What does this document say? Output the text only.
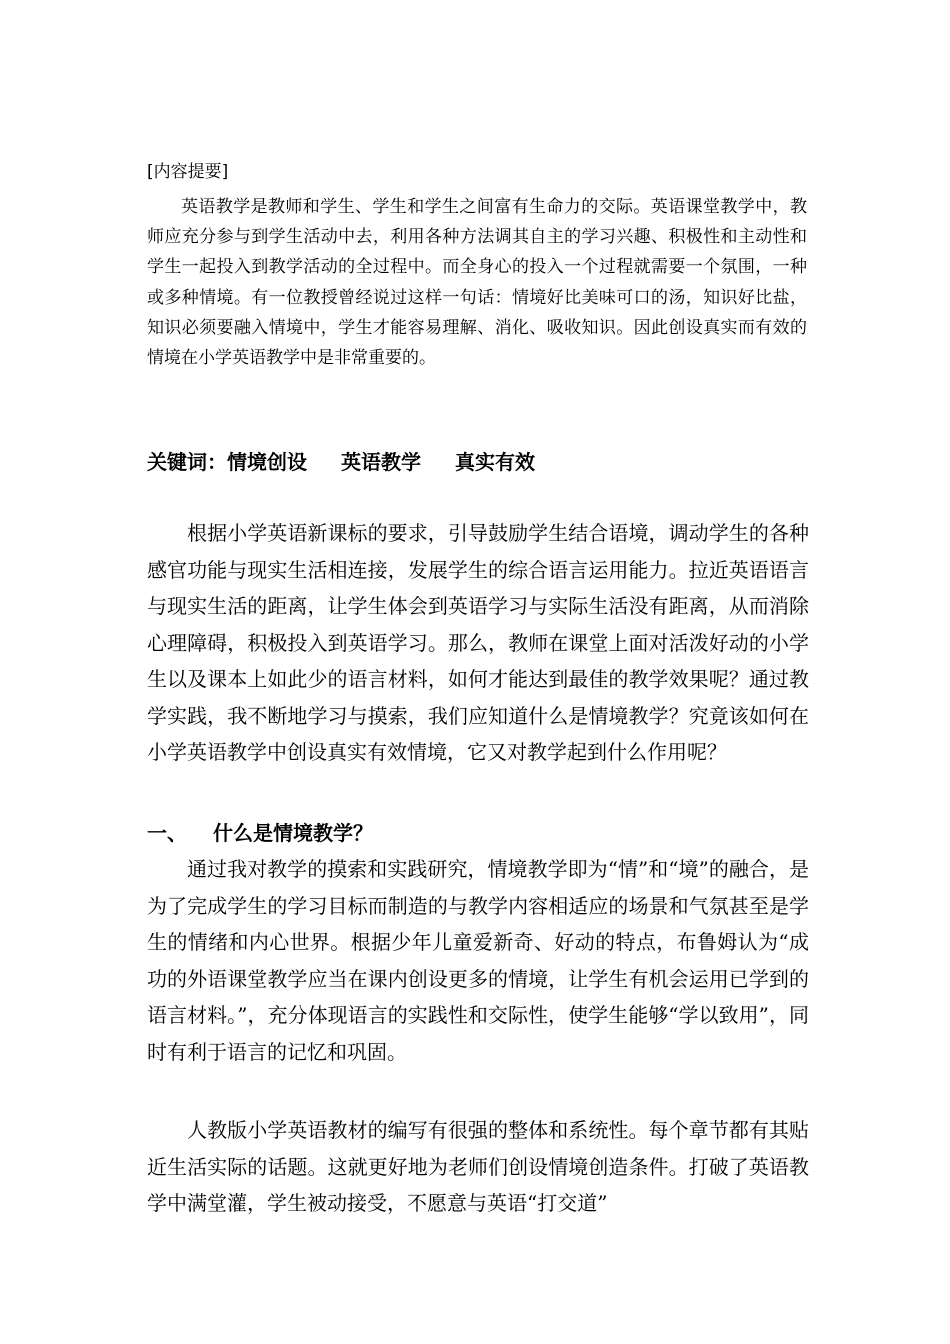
[内容提要]

英语教学是教师和学生、学生和学生之间富有生命力的交际。英语课堂教学中，教师应充分参与到学生活动中去，利用各种方法调其自主的学习兴趣、积极性和主动性和学生一起投入到教学活动的全过程中。而全身心的投入一个过程就需要一个氛围，一种或多种情境。有一位教授曾经说过这样一句话：情境好比美味可口的汤，知识好比盐，知识必须要融入情境中，学生才能容易理解、消化、吸收知识。因此创设真实而有效的情境在小学英语教学中是非常重要的。

关键词：情境创设 英语教学 真实有效

根据小学英语新课标的要求，引导鼓励学生结合语境，调动学生的各种感官功能与现实生活相连接，发展学生的综合语言运用能力。拉近英语语言与现实生活的距离，让学生体会到英语学习与实际生活没有距离，从而消除心理障碍，积极投入到英语学习。那么，教师在课堂上面对活泼好动的小学生以及课本上如此少的语言材料，如何才能达到最佳的教学效果呢？通过教学实践，我不断地学习与摸索，我们应知道什么是情境教学？究竟该如何在小学英语教学中创设真实有效情境，它又对教学起到什么作用呢？

一、 什么是情境教学？

通过我对教学的摸索和实践研究，情境教学即为“情”和“境”的融合，是为了完成学生的学习目标而制造的与教学内容相适应的场景和气氛甚至是学生的情绪和内心世界。根据少年儿童爱新奇、好动的特点，布鲁姆认为“成功的外语课堂教学应当在课内创设更多的情境，让学生有机会运用已学到的语言材料。”，充分体现语言的实践性和交际性，使学生能够“学以致用”，同时有利于语言的记忆和巩固。

人教版小学英语教材的编写有很强的整体和系统性。每个章节都有其贴近生活实际的话题。这就更好地为老师们创设情境创造条件。打破了英语教学中满堂灌，学生被动接受，不愿意与英语“打交道”
